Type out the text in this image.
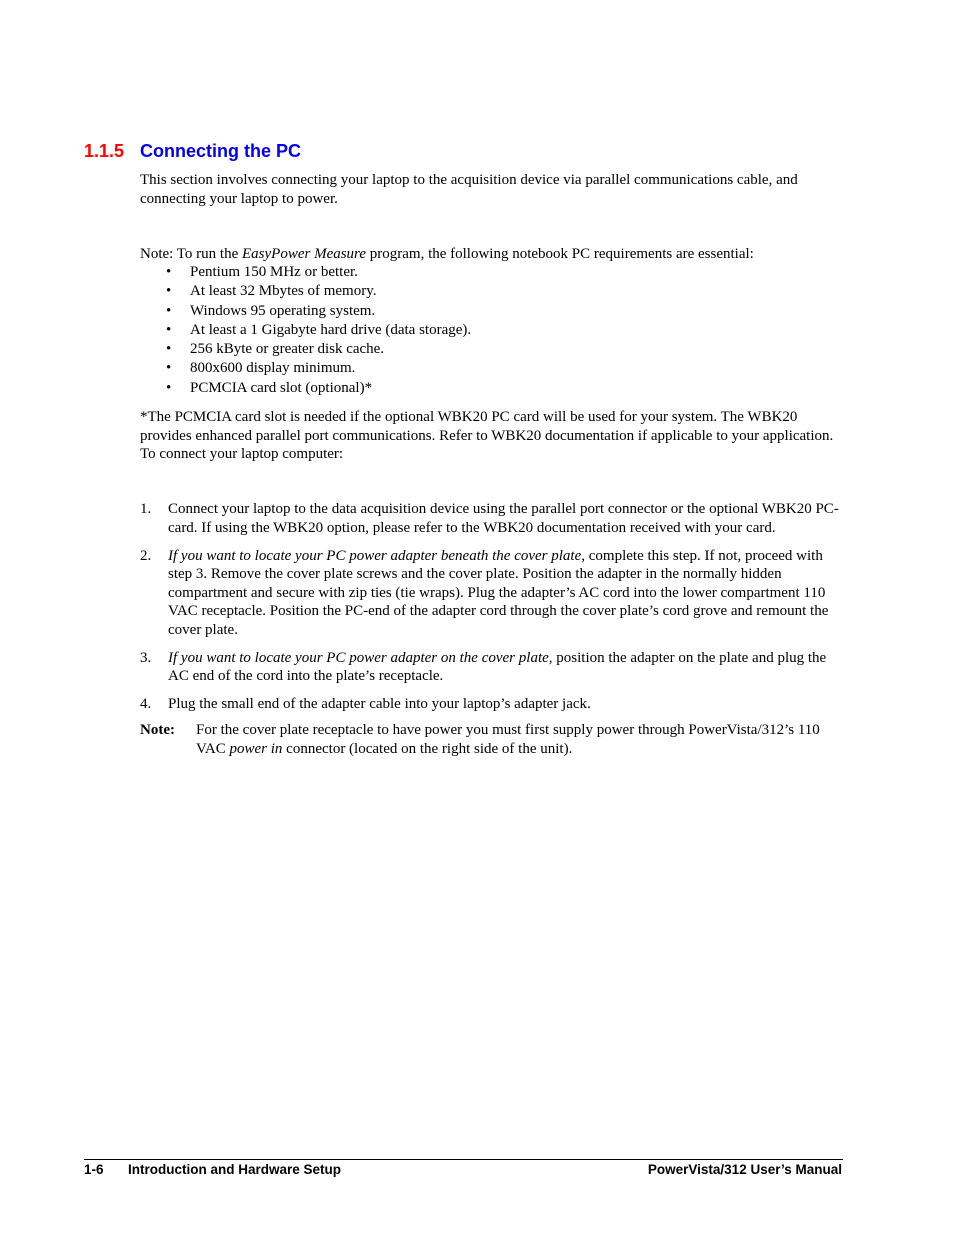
1.1.5 Connecting the PC

This section involves connecting your laptop to the acquisition device via parallel communications cable, and connecting your laptop to power.

Note: To run the EasyPower Measure program, the following notebook PC requirements are essential:

• Pentium 150 MHz or better.
• At least 32 Mbytes of memory.
• Windows 95 operating system.
• At least a 1 Gigabyte hard drive (data storage).
• 256 kByte or greater disk cache.
• 800x600 display minimum.
• PCMCIA card slot (optional)*

*The PCMCIA card slot is needed if the optional WBK20 PC card will be used for your system. The WBK20 provides enhanced parallel port communications. Refer to WBK20 documentation if applicable to your application. To connect your laptop computer:

1. Connect your laptop to the data acquisition device using the parallel port connector or the optional WBK20 PC-card. If using the WBK20 option, please refer to the WBK20 documentation received with your card.
2. If you want to locate your PC power adapter beneath the cover plate, complete this step. If not, proceed with step 3. Remove the cover plate screws and the cover plate. Position the adapter in the normally hidden compartment and secure with zip ties (tie wraps). Plug the adapter’s AC cord into the lower compartment 110 VAC receptacle. Position the PC-end of the adapter cord through the cover plate’s cord grove and remount the cover plate.
3. If you want to locate your PC power adapter on the cover plate, position the adapter on the plate and plug the AC end of the cord into the plate’s receptacle.
4. Plug the small end of the adapter cable into your laptop’s adapter jack.
Note: For the cover plate receptacle to have power you must first supply power through PowerVista/312’s 110 VAC power in connector (located on the right side of the unit).
1-6 Introduction and Hardware Setup	PowerVista/312 User’s Manual
